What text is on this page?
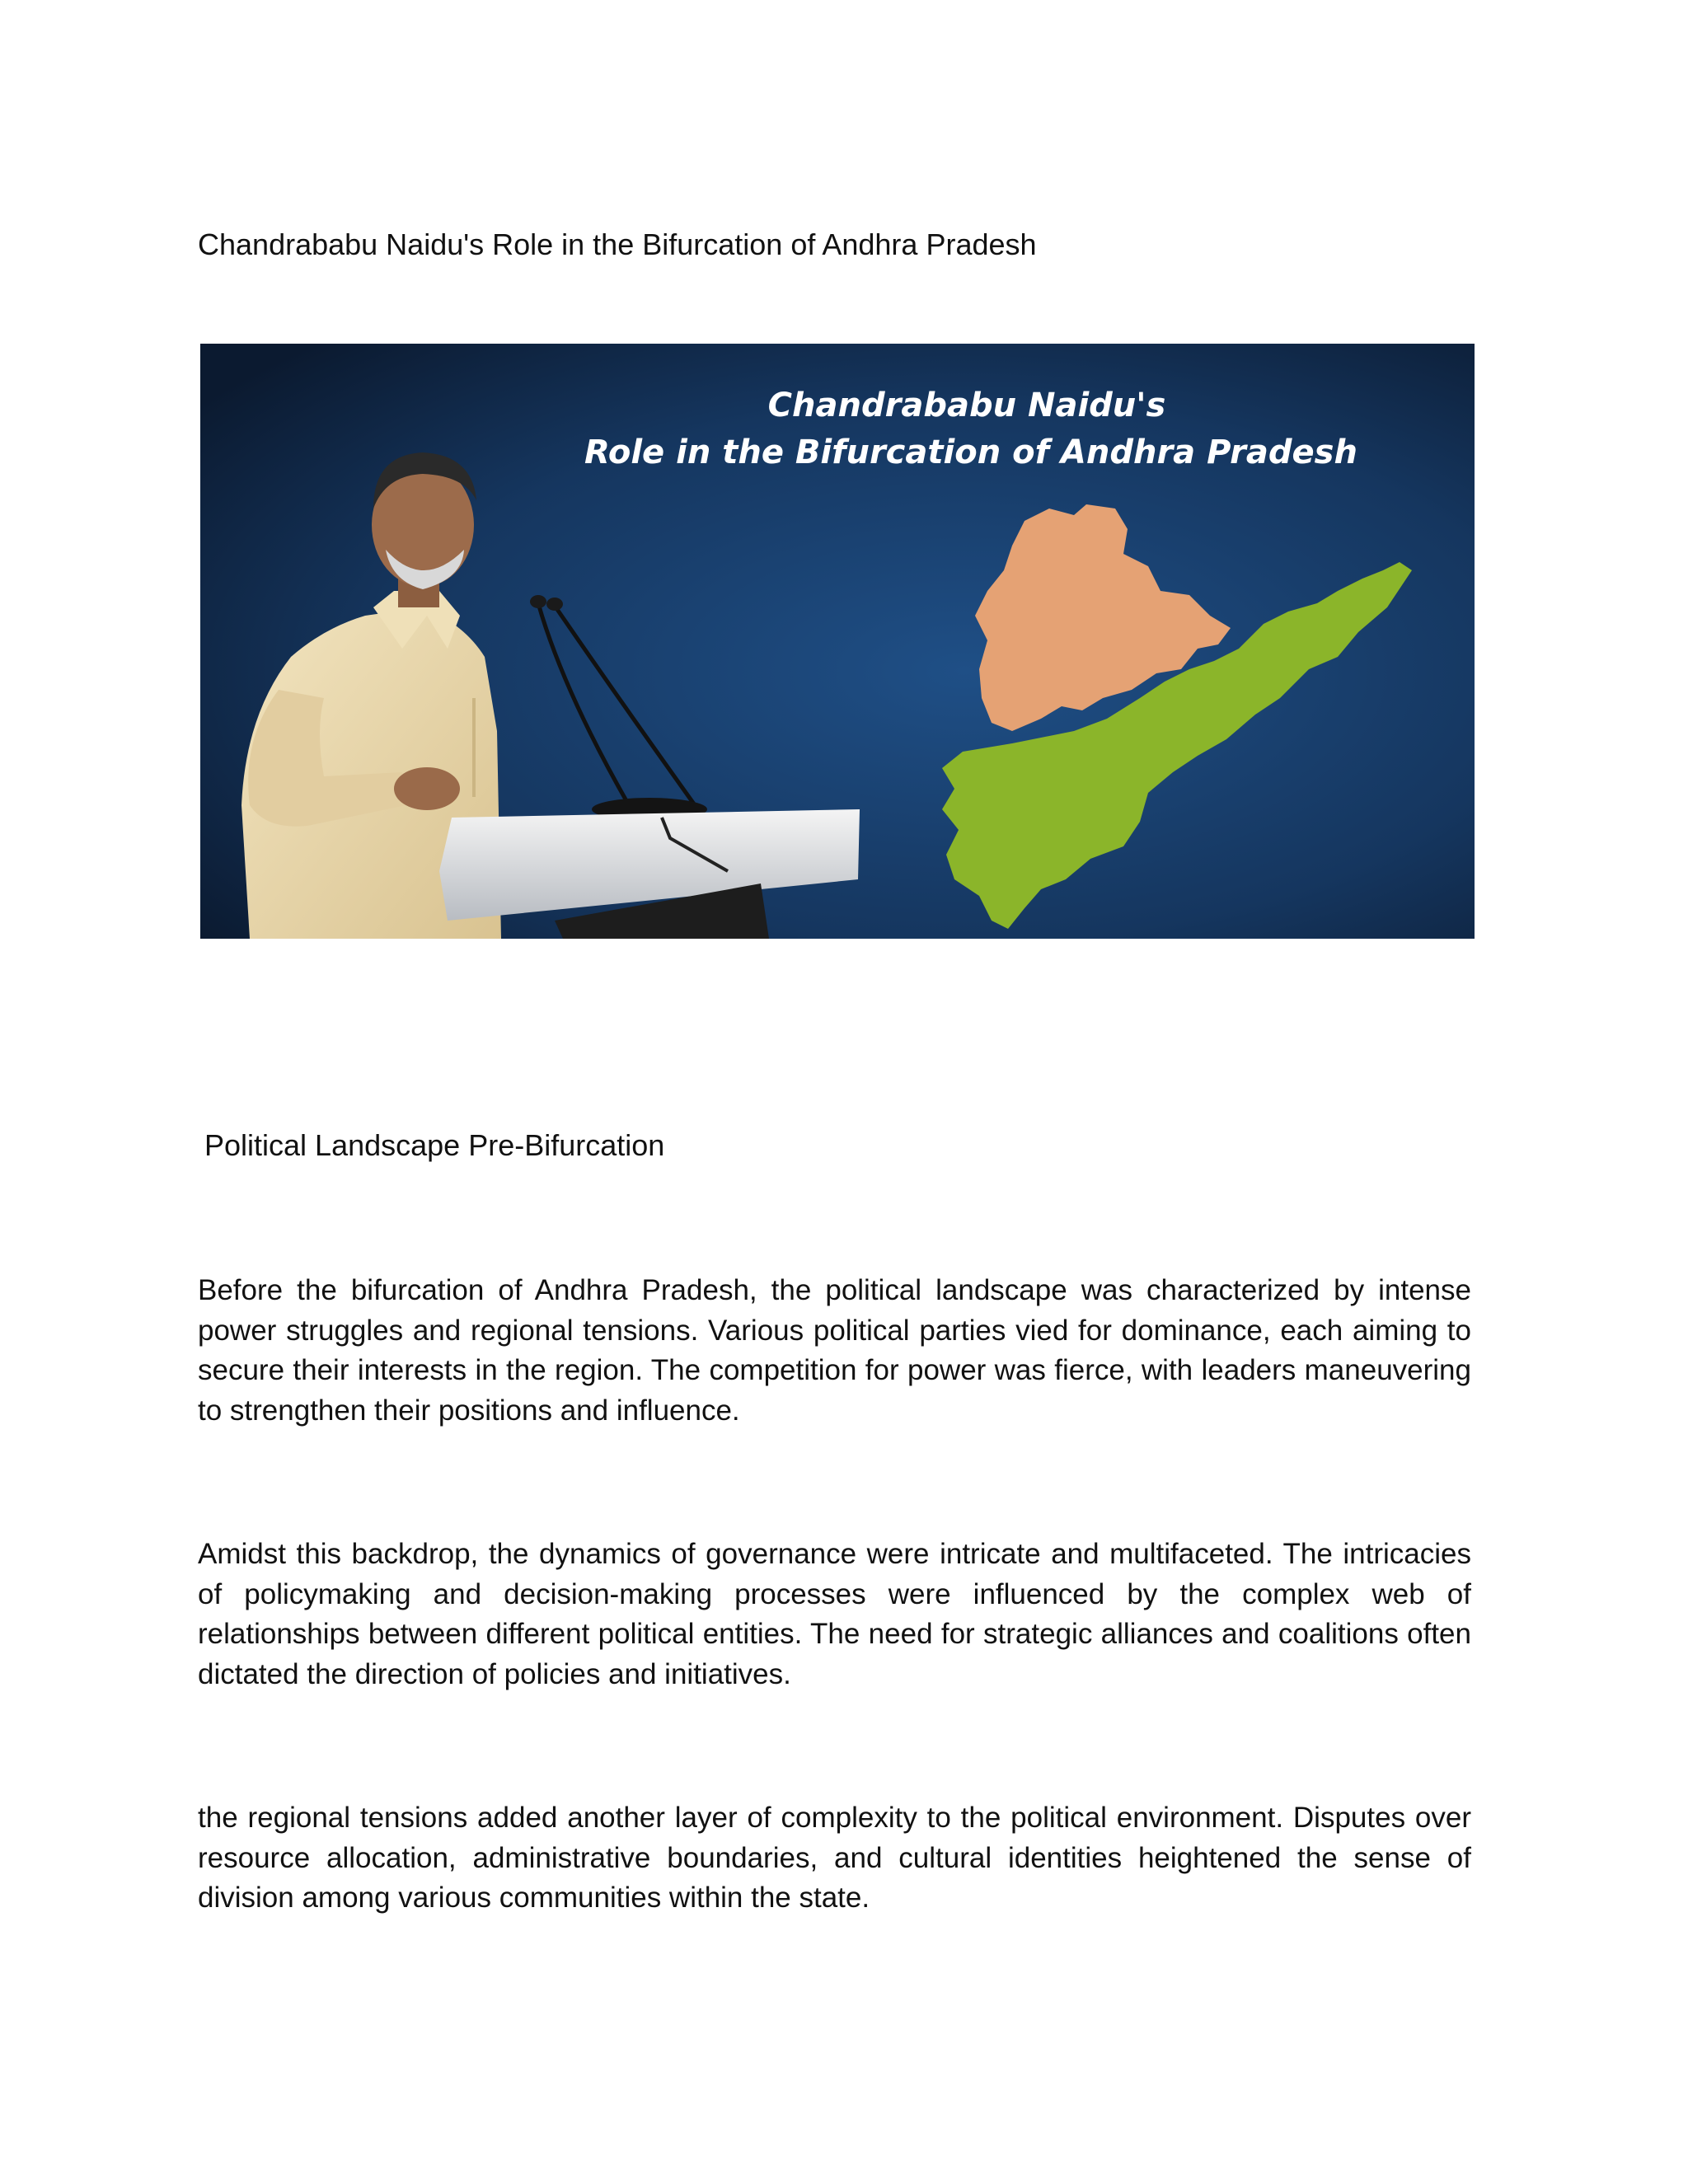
Chandrababu Naidu's Role in the Bifurcation of Andhra Pradesh
Chandrababu Naidu's
Role in the Bifurcation of Andhra Pradesh
Political Landscape Pre-Bifurcation

Before the bifurcation of Andhra Pradesh, the political landscape was characterized by intense power struggles and regional tensions. Various political parties vied for dominance, each aiming to secure their interests in the region. The competition for power was fierce, with leaders maneuvering to strengthen their positions and influence.

Amidst this backdrop, the dynamics of governance were intricate and multifaceted. The intricacies of policymaking and decision-making processes were influenced by the complex web of relationships between different political entities. The need for strategic alliances and coalitions often dictated the direction of policies and initiatives.

the regional tensions added another layer of complexity to the political environment. Disputes over resource allocation, administrative boundaries, and cultural identities heightened the sense of division among various communities within the state.
